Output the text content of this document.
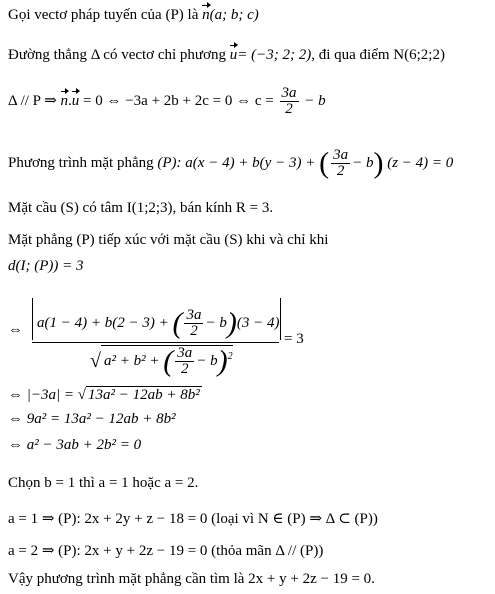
Gọi vectơ pháp tuyến của (P) là n(a; b; c)
Đường thẳng Δ có vectơ chỉ phương u= (−3; 2; 2), đi qua điểm N(6;2;2)
Δ // P ⇒ n.u = 0 ⇔ −3a + 2b + 2c = 0 ⇔ $c = \frac{3a}{2} - b$
Phương trình mặt phẳng (P): a(x − 4) + b(y − 3) + ( $\frac{3a}{2} - b$) (z − 4) = 0
Mặt cầu (S) có tâm I(1;2;3), bán kính R = 3.
Mặt phẳng (P) tiếp xúc với mặt cầu (S) khi và chỉ khi
d(I; (P)) = 3
⇔ a(1 − 4) + b(2 − 3) + ( $\frac{3a}{2} - b)(3 - 4)$
= 3
√ a² + b² + ( $\frac{3a}{2} - b)^2$
⇔ |−3a| = √ 13a² − 12ab + 8b²
⇔ 9a² = 13a² − 12ab + 8b²
⇔ a² − 3ab + 2b² = 0
Chọn b = 1 thì a = 1 hoặc a = 2.
a = 1 ⇒ (P): 2x + 2y + z − 18 = 0 (loại vì N ∈ (P) ⇒ Δ ⊂ (P))
a = 2 ⇒ (P): 2x + y + 2z − 19 = 0 (thỏa mãn Δ // (P))
Vậy phương trình mặt phẳng cần tìm là 2x + y + 2z − 19 = 0.
